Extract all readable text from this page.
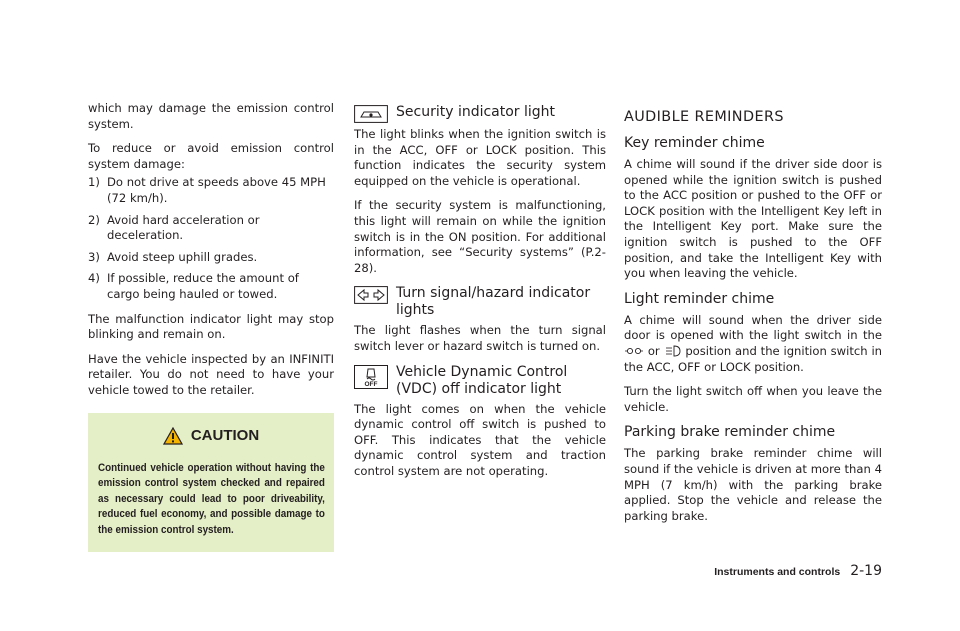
which may damage the emission control system.

To reduce or avoid emission control system damage:

1) Do not drive at speeds above 45 MPH (72 km/h).
2) Avoid hard acceleration or deceleration.
3) Avoid steep uphill grades.
4) If possible, reduce the amount of cargo being hauled or towed.

The malfunction indicator light may stop blinking and remain on.

Have the vehicle inspected by an INFINITI retailer. You do not need to have your vehicle towed to the retailer.

CAUTION

Continued vehicle operation without having the emission control system checked and repaired as necessary could lead to poor driveability, reduced fuel economy, and possible damage to the emission control system.

Security indicator light

The light blinks when the ignition switch is in the ACC, OFF or LOCK position. This function indicates the security system equipped on the vehicle is operational.

If the security system is malfunctioning, this light will remain on while the ignition switch is in the ON position. For additional information, see “Security systems” (P.2-28).

Turn signal/hazard indicator lights

The light flashes when the turn signal switch lever or hazard switch is turned on.

OFF
Vehicle Dynamic Control (VDC) off indicator light

The light comes on when the vehicle dynamic control off switch is pushed to OFF. This indicates that the vehicle dynamic control system and traction control system are not operating.

AUDIBLE REMINDERS
Key reminder chime

A chime will sound if the driver side door is opened while the ignition switch is pushed to the ACC position or pushed to the OFF or LOCK position with the Intelligent Key left in the Intelligent Key port. Make sure the ignition switch is pushed to the OFF position, and take the Intelligent Key with you when leaving the vehicle.

Light reminder chime

A chime will sound when the driver side door is opened with the light switch in the  or position and the ignition switch in the ACC, OFF or LOCK position.

Turn the light switch off when you leave the vehicle.

Parking brake reminder chime

The parking brake reminder chime will sound if the vehicle is driven at more than 4 MPH (7 km/h) with the parking brake applied. Stop the vehicle and release the parking brake.

Instruments and controls 2-19
